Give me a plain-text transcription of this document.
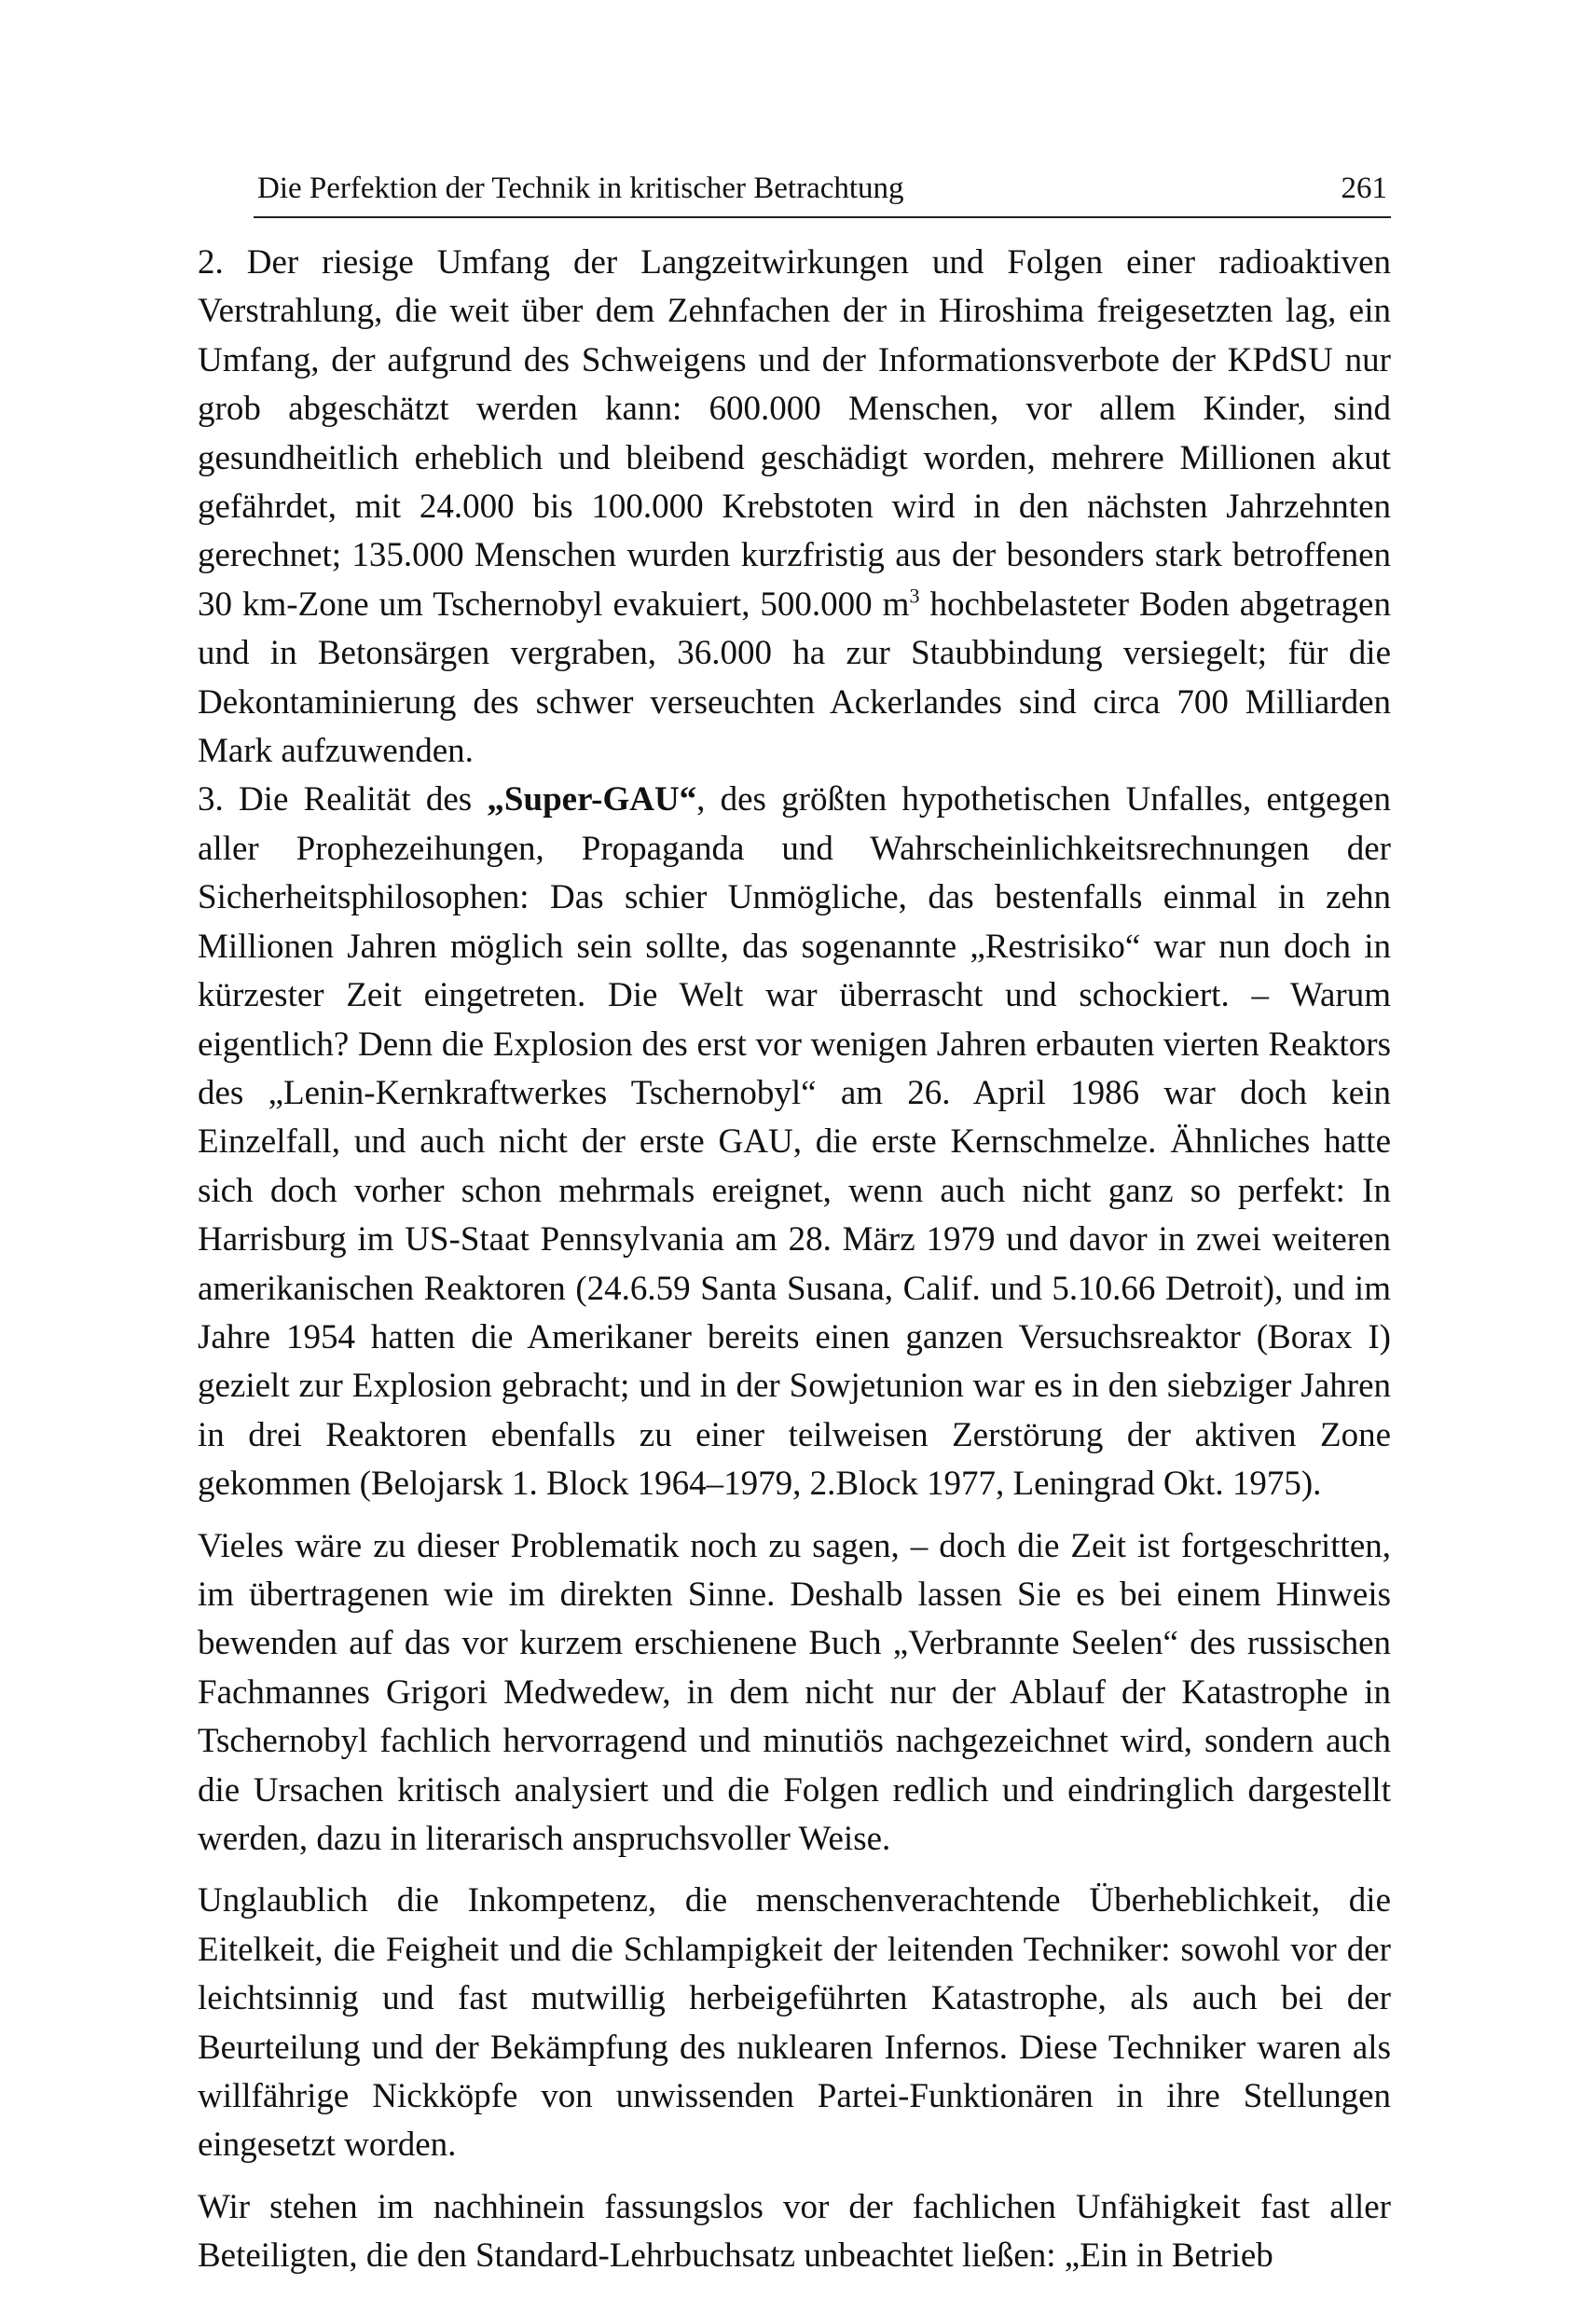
Die Perfektion der Technik in kritischer Betrachtung	261

2. Der riesige Umfang der Langzeitwirkungen und Folgen einer radioaktiven Verstrahlung, die weit über dem Zehnfachen der in Hiroshima freigesetzten lag, ein Umfang, der aufgrund des Schweigens und der Informationsverbote der KPdSU nur grob abgeschätzt werden kann: 600.000 Menschen, vor allem Kinder, sind gesundheitlich erheblich und bleibend geschädigt worden, mehrere Millionen akut gefährdet, mit 24.000 bis 100.000 Krebstoten wird in den nächsten Jahrzehnten gerechnet; 135.000 Menschen wurden kurzfristig aus der besonders stark betroffenen 30 km-Zone um Tschernobyl evakuiert, 500.000 $m^3$ hochbelasteter Boden abgetragen und in Betonsärgen vergraben, 36.000 ha zur Staubbindung versiegelt; für die Dekontaminierung des schwer verseuchten Ackerlandes sind circa 700 Milliarden Mark aufzuwenden.

3. Die Realität des „Super-GAU“, des größten hypothetischen Unfalles, entgegen aller Prophezeihungen, Propaganda und Wahrscheinlichkeitsrechnungen der Sicherheitsphilosophen: Das schier Unmögliche, das bestenfalls einmal in zehn Millionen Jahren möglich sein sollte, das sogenannte „Restrisiko“ war nun doch in kürzester Zeit eingetreten. Die Welt war überrascht und schockiert. – Warum eigentlich? Denn die Explosion des erst vor wenigen Jahren erbauten vierten Reaktors des „Lenin-Kernkraftwerkes Tschernobyl“ am 26. April 1986 war doch kein Einzelfall, und auch nicht der erste GAU, die erste Kernschmelze. Ähnliches hatte sich doch vorher schon mehrmals ereignet, wenn auch nicht ganz so perfekt: In Harrisburg im US-Staat Pennsylvania am 28. März 1979 und davor in zwei weiteren amerikanischen Reaktoren (24.6.59 Santa Susana, Calif. und 5.10.66 Detroit), und im Jahre 1954 hatten die Amerikaner bereits einen ganzen Versuchsreaktor (Borax I) gezielt zur Explosion gebracht; und in der Sowjetunion war es in den siebziger Jahren in drei Reaktoren ebenfalls zu einer teilweisen Zerstörung der aktiven Zone gekommen (Belojarsk 1. Block 1964–1979, 2.Block 1977, Leningrad Okt. 1975).

Vieles wäre zu dieser Problematik noch zu sagen, – doch die Zeit ist fortgeschritten, im übertragenen wie im direkten Sinne. Deshalb lassen Sie es bei einem Hinweis bewenden auf das vor kurzem erschienene Buch „Verbrannte Seelen“ des russischen Fachmannes Grigori Medwedew, in dem nicht nur der Ablauf der Katastrophe in Tschernobyl fachlich hervorragend und minutiös nachgezeichnet wird, sondern auch die Ursachen kritisch analysiert und die Folgen redlich und eindringlich dargestellt werden, dazu in literarisch anspruchsvoller Weise.

Unglaublich die Inkompetenz, die menschenverachtende Überheblichkeit, die Eitelkeit, die Feigheit und die Schlampigkeit der leitenden Techniker: sowohl vor der leichtsinnig und fast mutwillig herbeigeführten Katastrophe, als auch bei der Beurteilung und der Bekämpfung des nuklearen Infernos. Diese Techniker waren als willfährige Nickköpfe von unwissenden Partei-Funktionären in ihre Stellungen eingesetzt worden.

Wir stehen im nachhinein fassungslos vor der fachlichen Unfähigkeit fast aller Beteiligten, die den Standard-Lehrbuchsatz unbeachtet ließen: „Ein in Betrieb
